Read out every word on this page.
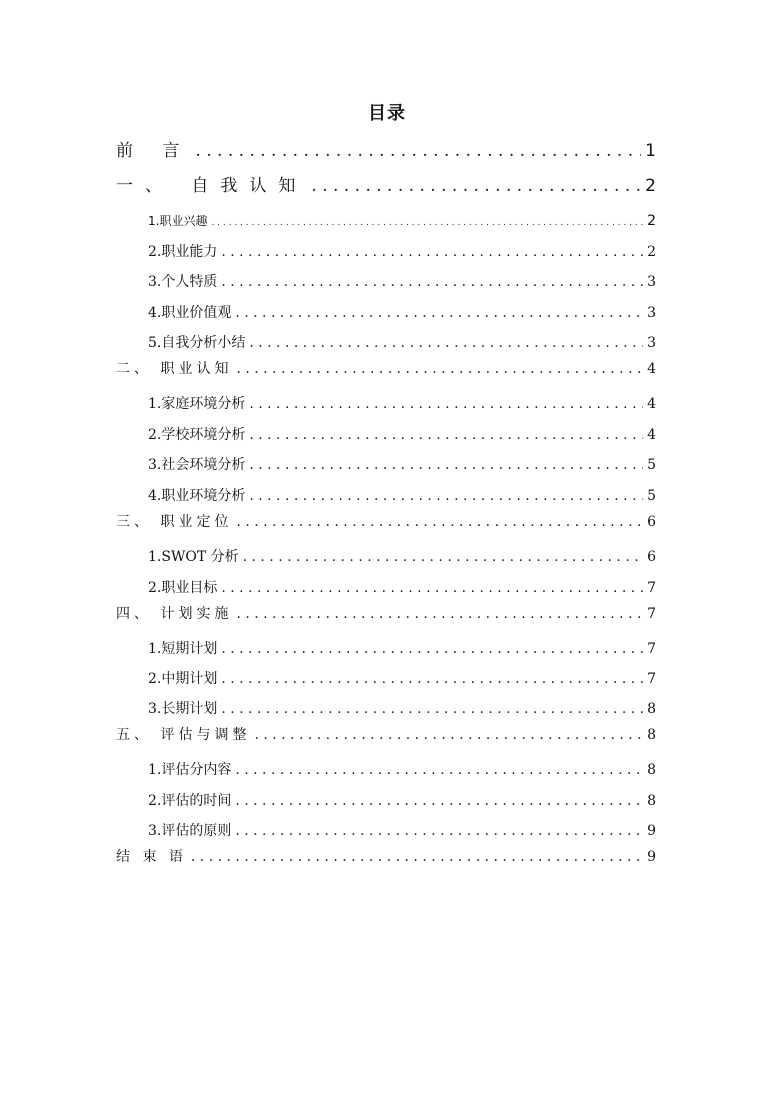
目录
前 言 . . .	1
一、 自我认知 . . .	2
1.职业兴趣 . . .	2
2.职业能力 . . .	2
3.个人特质 . . .	3
4.职业价值观 . . .	3
5.自我分析小结 . . .	3
二、 职业认知 . . .	4
1.家庭环境分析 . . .	4
2.学校环境分析 . . .	4
3.社会环境分析 . . .	5
4.职业环境分析 . . .	5
三、 职业定位 . . .	6
1.SWOT 分析 . . .	6
2.职业目标 . . .	7
四、 计划实施 . . .	7
1.短期计划 . . .	7
2.中期计划 . . .	7
3.长期计划 . . .	8
五、 评估与调整 . . .	8
1.评估分内容 . . .	8
2.评估的时间 . . .	8
3.评估的原则 . . .	9
结 束 语 . . .	9
